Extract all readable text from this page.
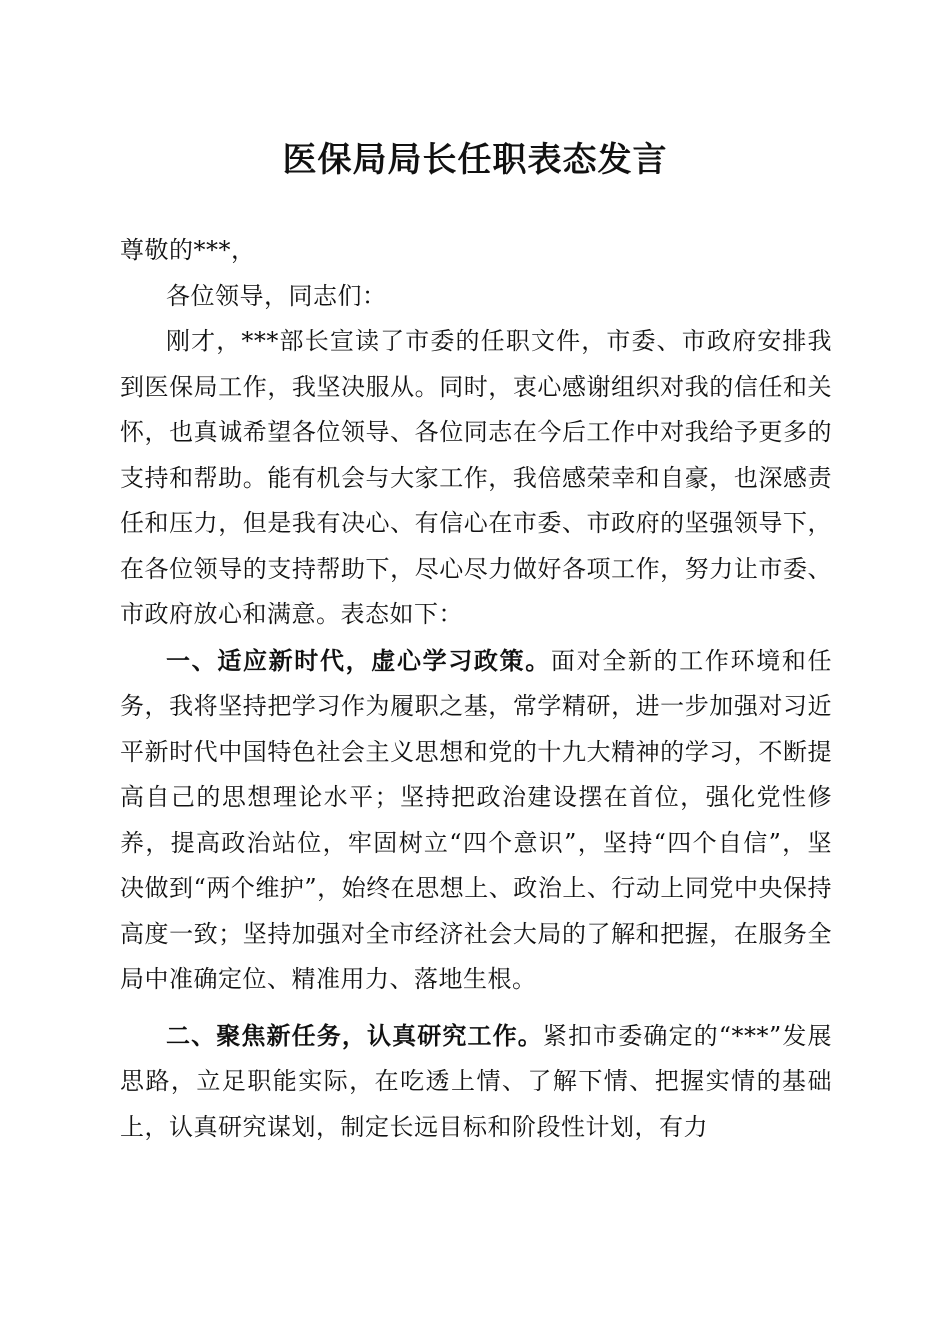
医保局局长任职表态发言

尊敬的***，

各位领导，同志们：

刚才，***部长宣读了市委的任职文件，市委、市政府安排我到医保局工作，我坚决服从。同时，衷心感谢组织对我的信任和关怀，也真诚希望各位领导、各位同志在今后工作中对我给予更多的支持和帮助。能有机会与大家工作，我倍感荣幸和自豪，也深感责任和压力，但是我有决心、有信心在市委、市政府的坚强领导下，在各位领导的支持帮助下，尽心尽力做好各项工作，努力让市委、市政府放心和满意。表态如下：

一、适应新时代，虚心学习政策。面对全新的工作环境和任务，我将坚持把学习作为履职之基，常学精研，进一步加强对习近平新时代中国特色社会主义思想和党的十九大精神的学习，不断提高自己的思想理论水平；坚持把政治建设摆在首位，强化党性修养，提高政治站位，牢固树立“四个意识”，坚持“四个自信”，坚决做到“两个维护”，始终在思想上、政治上、行动上同党中央保持高度一致；坚持加强对全市经济社会大局的了解和把握，在服务全局中准确定位、精准用力、落地生根。

二、聚焦新任务，认真研究工作。紧扣市委确定的“***”发展思路，立足职能实际，在吃透上情、了解下情、把握实情的基础上，认真研究谋划，制定长远目标和阶段性计划，有力
